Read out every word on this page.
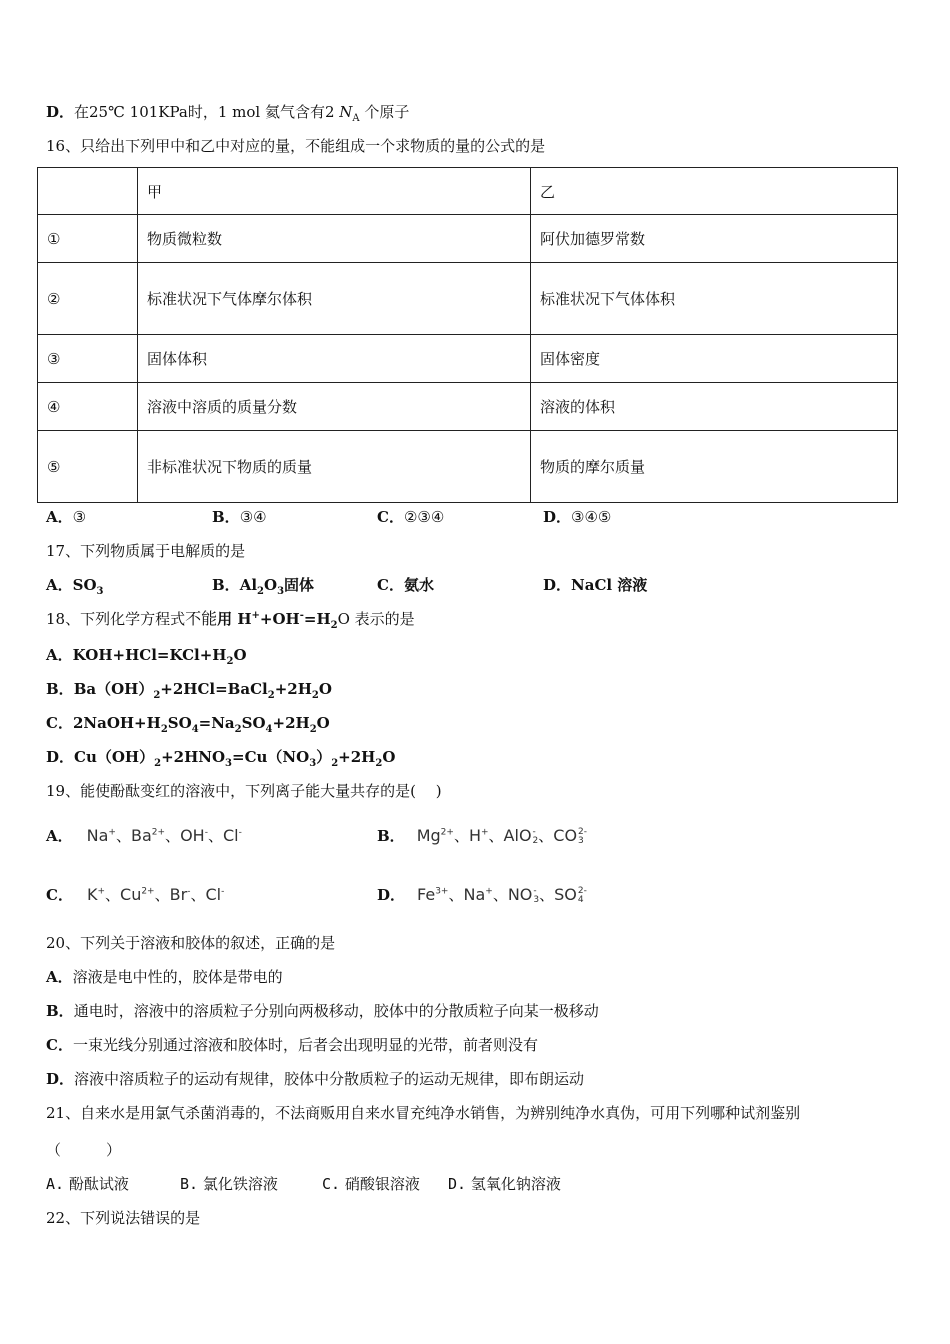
D．在25℃ 101KPa时，1 mol 氦气含有2 $N_A$ 个原子
16、只给出下列甲中和乙中对应的量，不能组成一个求物质的量的公式的是
	甲	乙
①	物质微粒数	阿伏加德罗常数
②	标准状况下气体摩尔体积	标准状况下气体体积
③	固体体积	固体密度
④	溶液中溶质的质量分数	溶液的体积
⑤	非标准状况下物质的质量	物质的摩尔质量
A．③	B．③④	C．②③④	D．③④⑤
17、下列物质属于电解质的是
A．$SO_3$	B．$Al_2O_3$固体	C．氨水	D．NaCl 溶液
18、下列化学方程式不能用 $H^++OH^-=H_2O$ 表示的是
A．$KOH+HCl=KCl+H_2O$
B．$Ba(OH)_2+2HCl=BaCl_2+2H_2O$
C．$2NaOH+H_2SO_4=Na_2SO_4+2H_2O$
D．$Cu(OH)_2+2HNO_3=Cu(NO_3)_2+2H_2O$
19、能使酚酞变红的溶液中，下列离子能大量共存的是(　 )
A． Na+、$Ba^{2+}$、OH-、Cl-	B． $Mg^{2+}$、H+、AlO -
2 、CO 2-
3
C． K+、$Cu^{2+}$、Br-、Cl-	D． $Fe^{3+}$、Na+、NO -
3 、SO 2-
4
20、下列关于溶液和胶体的叙述，正确的是
A．溶液是电中性的，胶体是带电的
B．通电时，溶液中的溶质粒子分别向两极移动，胶体中的分散质粒子向某一极移动
C．一束光线分别通过溶液和胶体时，后者会出现明显的光带，前者则没有
D．溶液中溶质粒子的运动有规律，胶体中分散质粒子的运动无规律，即布朗运动
21、自来水是用氯气杀菌消毒的，不法商贩用自来水冒充纯净水销售，为辨别纯净水真伪，可用下列哪种试剂鉴别
（　　　）
A. 酚酞试液	B. 氯化铁溶液	C. 硝酸银溶液 D. 氢氧化钠溶液
22、下列说法错误的是
